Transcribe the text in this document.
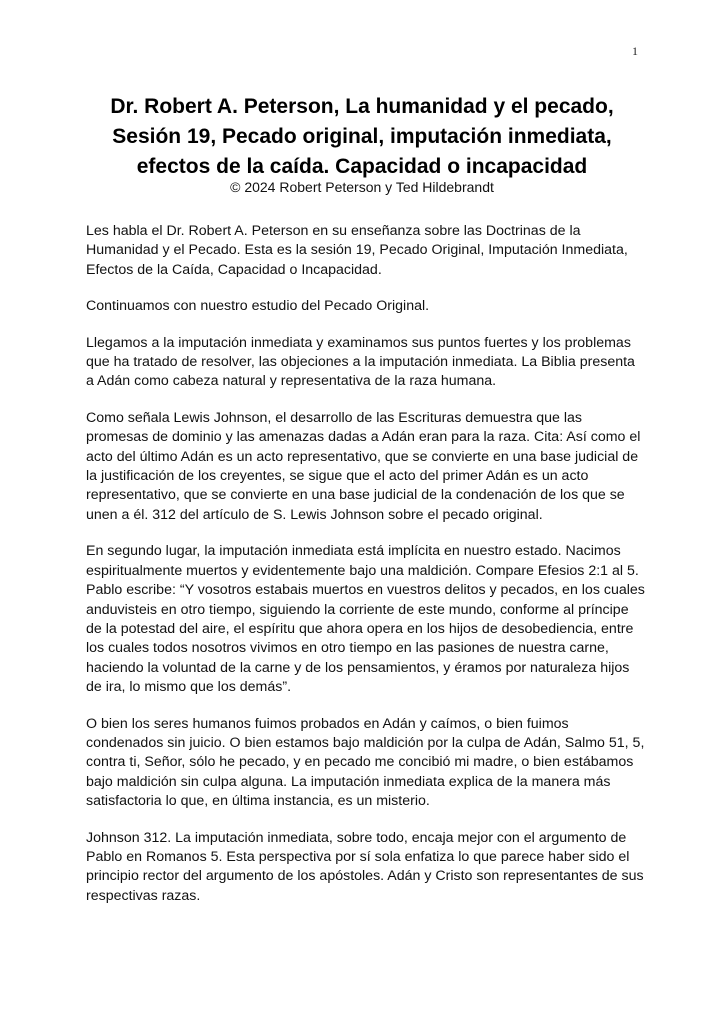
1
Dr. Robert A. Peterson, La humanidad y el pecado,
Sesión 19, Pecado original, imputación inmediata,
efectos de la caída. Capacidad o incapacidad

© 2024 Robert Peterson y Ted Hildebrandt

Les habla el Dr. Robert A. Peterson en su enseñanza sobre las Doctrinas de la Humanidad y el Pecado. Esta es la sesión 19, Pecado Original, Imputación Inmediata, Efectos de la Caída, Capacidad o Incapacidad.

Continuamos con nuestro estudio del Pecado Original.

Llegamos a la imputación inmediata y examinamos sus puntos fuertes y los problemas que ha tratado de resolver, las objeciones a la imputación inmediata. La Biblia presenta a Adán como cabeza natural y representativa de la raza humana.

Como señala Lewis Johnson, el desarrollo de las Escrituras demuestra que las promesas de dominio y las amenazas dadas a Adán eran para la raza. Cita: Así como el acto del último Adán es un acto representativo, que se convierte en una base judicial de la justificación de los creyentes, se sigue que el acto del primer Adán es un acto representativo, que se convierte en una base judicial de la condenación de los que se unen a él. 312 del artículo de S. Lewis Johnson sobre el pecado original.

En segundo lugar, la imputación inmediata está implícita en nuestro estado. Nacimos espiritualmente muertos y evidentemente bajo una maldición. Compare Efesios 2:1 al 5. Pablo escribe: “Y vosotros estabais muertos en vuestros delitos y pecados, en los cuales anduvisteis en otro tiempo, siguiendo la corriente de este mundo, conforme al príncipe de la potestad del aire, el espíritu que ahora opera en los hijos de desobediencia, entre los cuales todos nosotros vivimos en otro tiempo en las pasiones de nuestra carne, haciendo la voluntad de la carne y de los pensamientos, y éramos por naturaleza hijos de ira, lo mismo que los demás”.

O bien los seres humanos fuimos probados en Adán y caímos, o bien fuimos condenados sin juicio. O bien estamos bajo maldición por la culpa de Adán, Salmo 51, 5, contra ti, Señor, sólo he pecado, y en pecado me concibió mi madre, o bien estábamos bajo maldición sin culpa alguna. La imputación inmediata explica de la manera más satisfactoria lo que, en última instancia, es un misterio.

Johnson 312. La imputación inmediata, sobre todo, encaja mejor con el argumento de Pablo en Romanos 5. Esta perspectiva por sí sola enfatiza lo que parece haber sido el principio rector del argumento de los apóstoles. Adán y Cristo son representantes de sus respectivas razas.
